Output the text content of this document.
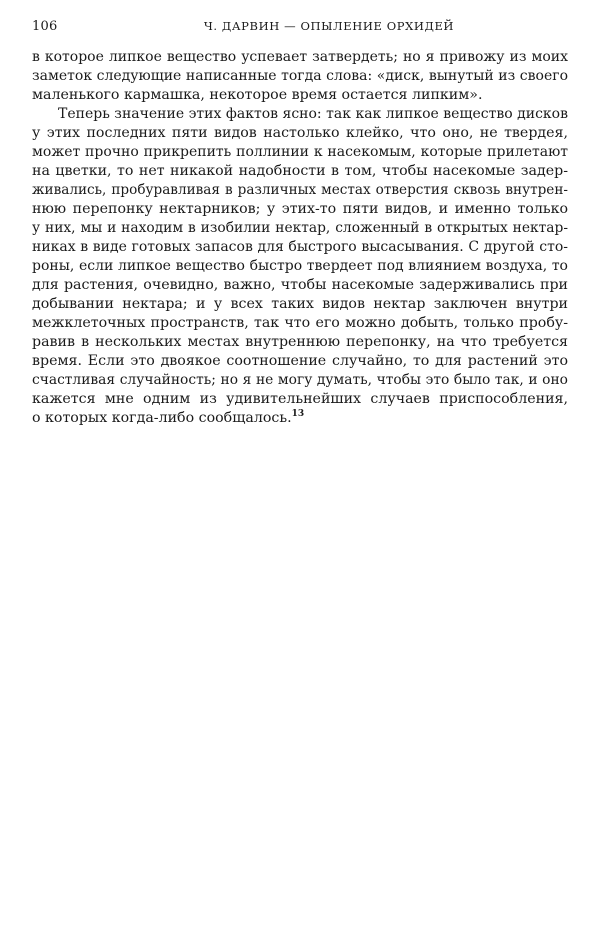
106	Ч. ДАРВИН — ОПЫЛЕНИЕ ОРХИДЕЙ

в которое липкое вещество успевает затвердеть; но я привожу из моих
заметок следующие написанные тогда слова: «диск, вынутый из своего
маленького кармашка, некоторое время остается липким».

Теперь значение этих фактов ясно: так как липкое вещество дисков
у этих последних пяти видов настолько клейко, что оно, не твердея,
может прочно прикрепить поллинии к насекомым, которые прилетают
на цветки, то нет никакой надобности в том, чтобы насекомые задер-
живались, пробуравливая в различных местах отверстия сквозь внутрен-
нюю перепонку нектарников; у этих-то пяти видов, и именно только
у них, мы и находим в изобилии нектар, сложенный в открытых нектар-
никах в виде готовых запасов для быстрого высасывания. С другой сто-
роны, если липкое вещество быстро твердеет под влиянием воздуха, то
для растения, очевидно, важно, чтобы насекомые задерживались при
добывании нектара; и у всех таких видов нектар заключен внутри
межклеточных пространств, так что его можно добыть, только пробу-
равив в нескольких местах внутреннюю перепонку, на что требуется
время. Если это двоякое соотношение случайно, то для растений это
счастливая случайность; но я не могу думать, чтобы это было так, и оно
кажется мне одним из удивительнейших случаев приспособления,
о которых когда-либо сообщалось.$^{13}$
